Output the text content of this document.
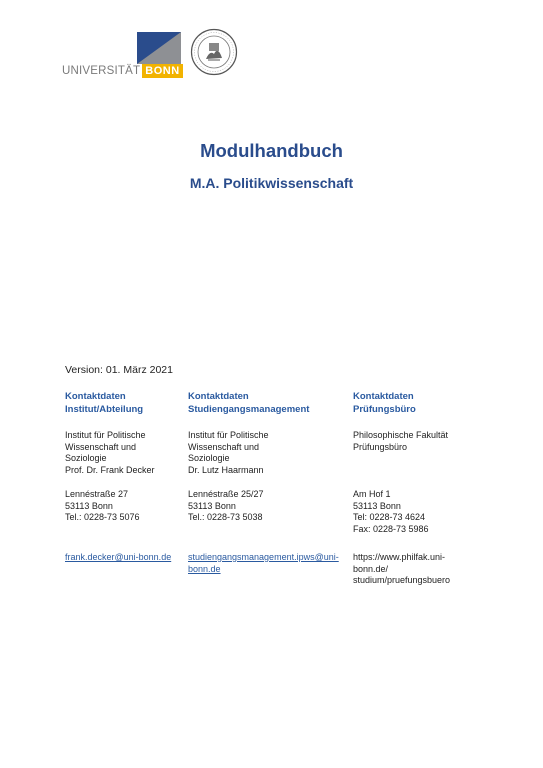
UNIVERSITÄT BONN
Modulhandbuch
M.A. Politikwissenschaft
Version: 01. März 2021
Kontaktdaten
Institut/Abteilung
Institut für Politische
Wissenschaft und
Soziologie
Prof. Dr. Frank Decker
Lennéstraße 27
53113 Bonn
Tel.: 0228-73 5076
frank.decker@uni-bonn.de
Kontaktdaten
Studiengangsmanagement
Institut für Politische
Wissenschaft und
Soziologie
Dr. Lutz Haarmann
Lennéstraße 25/27
53113 Bonn
Tel.: 0228-73 5038
studiengangsmanagement.ipws@uni-
bonn.de
Kontaktdaten
Prüfungsbüro
Philosophische Fakultät
Prüfungsbüro
Am Hof 1
53113 Bonn
Tel: 0228-73 4624
Fax: 0228-73 5986
https://www.philfak.uni-
bonn.de/
studium/pruefungsbuero
